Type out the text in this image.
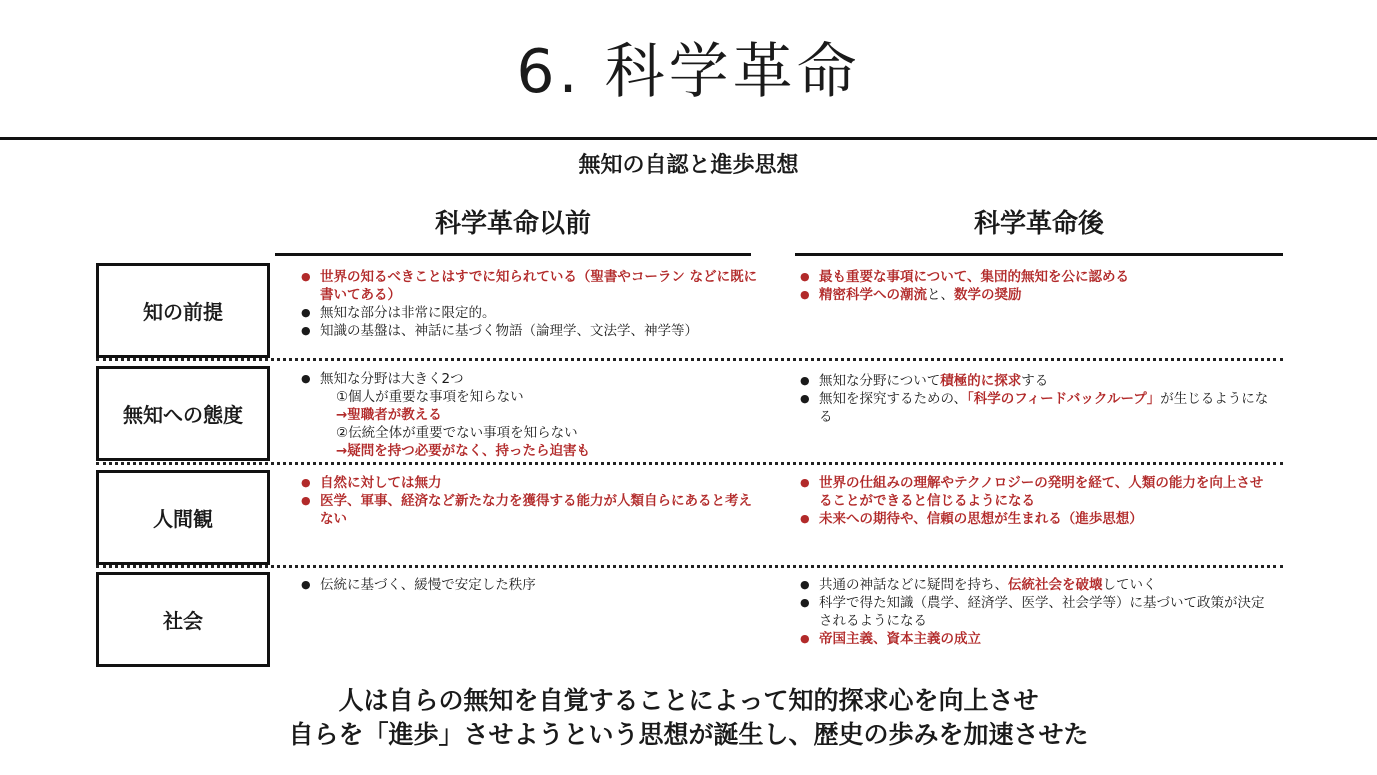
6. 科学革命
無知の自認と進歩思想
科学革命以前	科学革命後
知の前提
● 世界の知るべきことはすでに知られている（聖書やコーラン などに既に書いてある）
● 無知な部分は非常に限定的。
● 知識の基盤は、神話に基づく物語（論理学、文法学、神学等）
● 最も重要な事項について、集団的無知を公に認める
● 精密科学への潮流と、数学の奨励
無知への態度
● 無知な分野は大きく2つ
①個人が重要な事項を知らない
→聖職者が教える
②伝統全体が重要でない事項を知らない
→疑問を持つ必要がなく、持ったら迫害も
● 無知な分野について積極的に探求する
● 無知を探究するための、「科学のフィードバックループ」が生じるようになる
人間観
● 自然に対しては無力
● 医学、軍事、経済など新たな力を獲得する能力が人類自らにあると考えない
● 世界の仕組みの理解やテクノロジーの発明を経て、人類の能力を向上させることができると信じるようになる
● 未来への期待や、信頼の思想が生まれる（進歩思想）
社会
● 伝統に基づく、緩慢で安定した秩序
●	共通の神話などに疑問を持ち、伝統社会を破壊していく
● 科学で得た知識（農学、経済学、医学、社会学等）に基づいて政策が決定されるようになる
● 帝国主義、資本主義の成立
人は自らの無知を自覚することによって知的探求心を向上させ
自らを「進歩」させようという思想が誕生し、歴史の歩みを加速させた
